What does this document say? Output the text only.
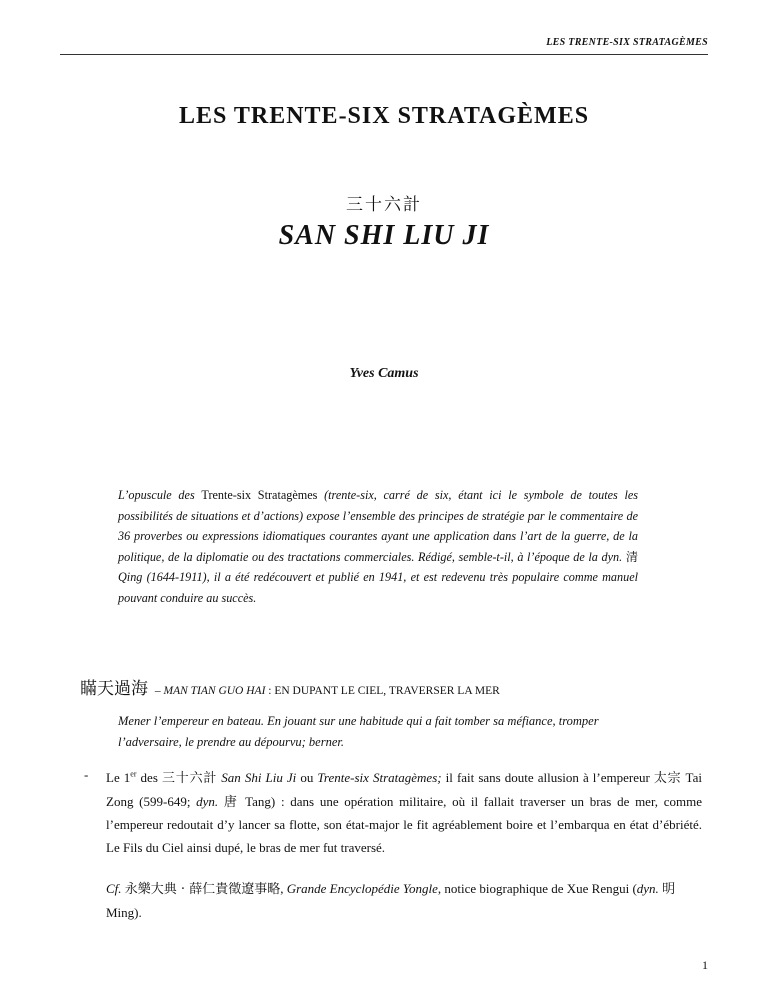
LES TRENTE-SIX STRATAGÈMES
LES TRENTE-SIX STRATAGÈMES
三十六計
SAN SHI LIU JI
Yves Camus
L’opuscule des Trente-six Stratagèmes (trente-six, carré de six, étant ici le symbole de toutes les possibilités de situations et d’actions) expose l’ensemble des principes de stratégie par le commentaire de 36 proverbes ou expressions idiomatiques courantes ayant une application dans l’art de la guerre, de la politique, de la diplomatie ou des tractations commerciales. Rédigé, semble-t-il, à l’époque de la dyn. 清 Qing (1644-1911), il a été redécouvert et publié en 1941, et est redevenu très populaire comme manuel pouvant conduire au succès.
瞞天過海 – MAN TIAN GUO HAI : EN DUPANT LE CIEL, TRAVERSER LA MER
Mener l’empereur en bateau. En jouant sur une habitude qui a fait tomber sa méfiance, tromper l’adversaire, le prendre au dépourvu; berner.
- Le 1er des 三十六計 San Shi Liu Ji ou Trente-six Stratagèmes; il fait sans doute allusion à l’empereur 太宗 Tai Zong (599-649; dyn. 唐 Tang) : dans une opération militaire, où il fallait traverser un bras de mer, comme l’empereur redoutait d’y lancer sa flotte, son état-major le fit agréablement boire et l’embarqua en état d’ébriété. Le Fils du Ciel ainsi dupé, le bras de mer fut traversé.
Cf. 永樂大典 · 薛仁貴徵遼事略, Grande Encyclopédie Yongle, notice biographique de Xue Rengui (dyn. 明 Ming).
1
